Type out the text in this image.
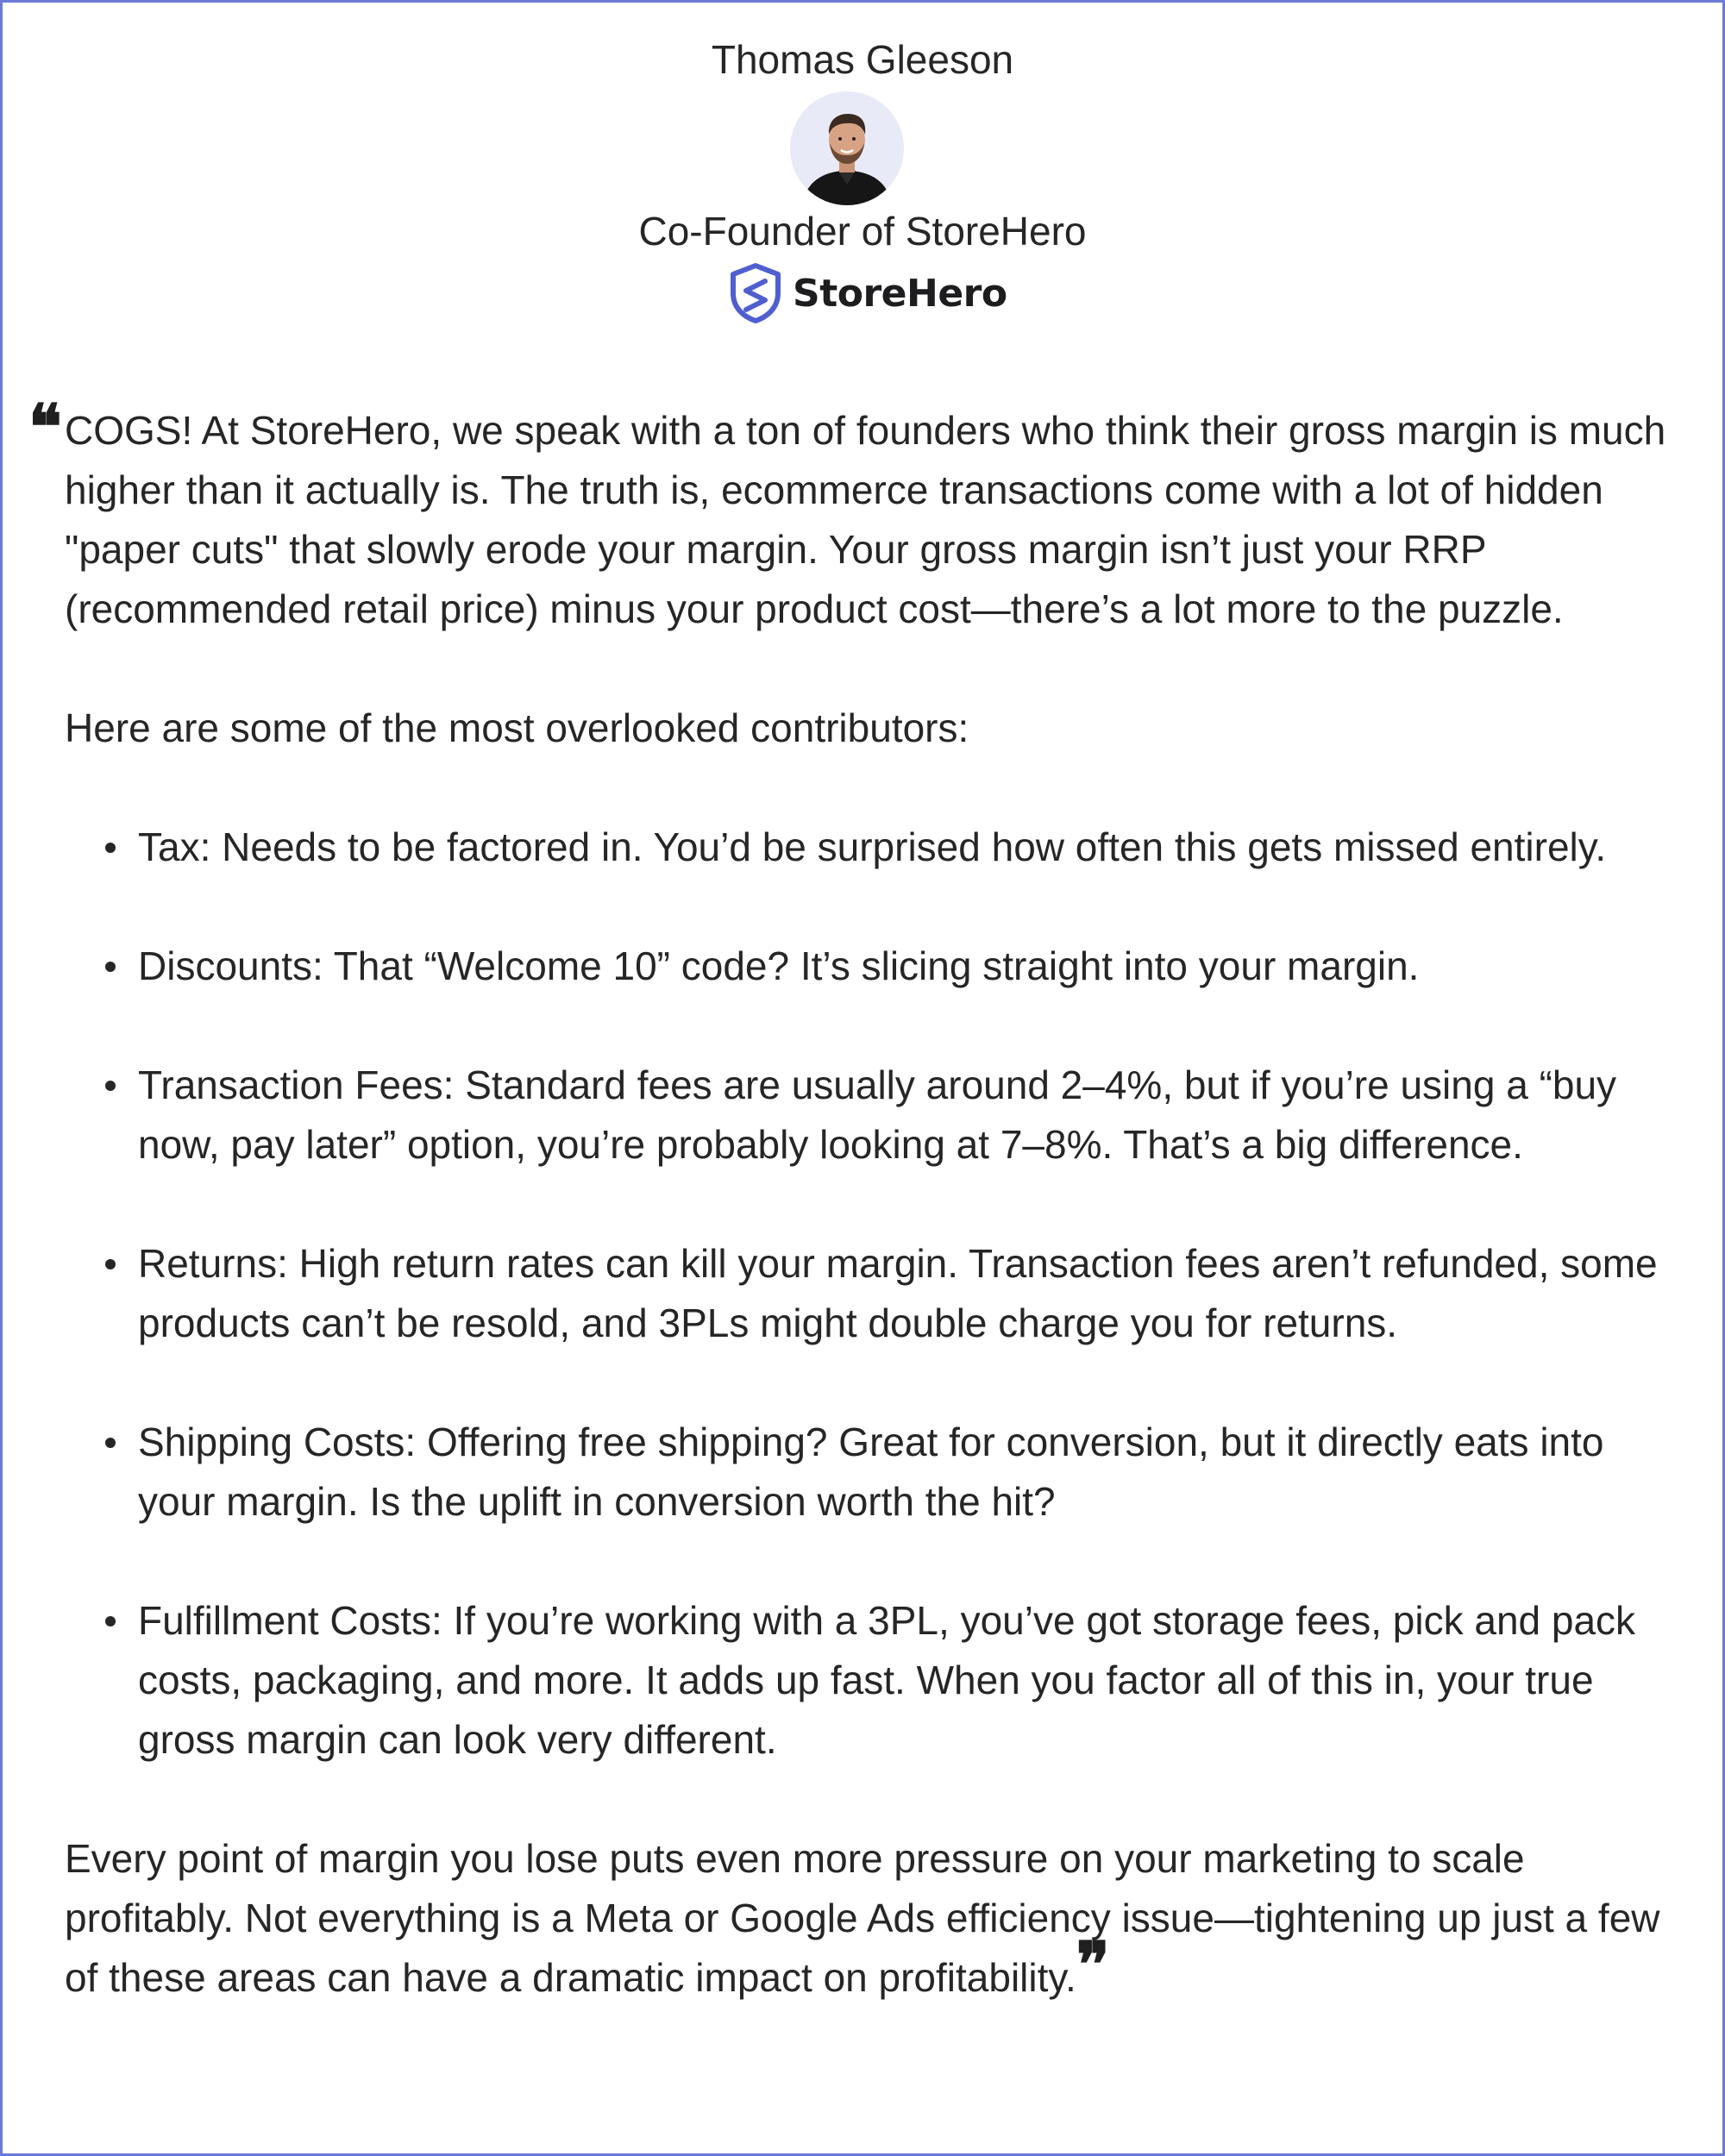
Thomas Gleeson
Co-Founder of StoreHero
StoreHero
❝ COGS! At StoreHero, we speak with a ton of founders who think their gross margin is much higher than it actually is. The truth is, ecommerce transactions come with a lot of hidden "paper cuts" that slowly erode your margin. Your gross margin isn’t just your RRP (recommended retail price) minus your product cost—there’s a lot more to the puzzle.

Here are some of the most overlooked contributors:

Tax: Needs to be factored in. You’d be surprised how often this gets missed entirely.
Discounts: That “Welcome 10” code? It’s slicing straight into your margin.
Transaction Fees: Standard fees are usually around 2–4%, but if you’re using a “buy now, pay later” option, you’re probably looking at 7–8%. That’s a big difference.
Returns: High return rates can kill your margin. Transaction fees aren’t refunded, some products can’t be resold, and 3PLs might double charge you for returns.
Shipping Costs: Offering free shipping? Great for conversion, but it directly eats into your margin. Is the uplift in conversion worth the hit?
Fulfillment Costs: If you’re working with a 3PL, you’ve got storage fees, pick and pack costs, packaging, and more. It adds up fast. When you factor all of this in, your true gross margin can look very different.

Every point of margin you lose puts even more pressure on your marketing to scale profitably. Not everything is a Meta or Google Ads efficiency issue—tightening up just a few of these areas can have a dramatic impact on profitability.❞
